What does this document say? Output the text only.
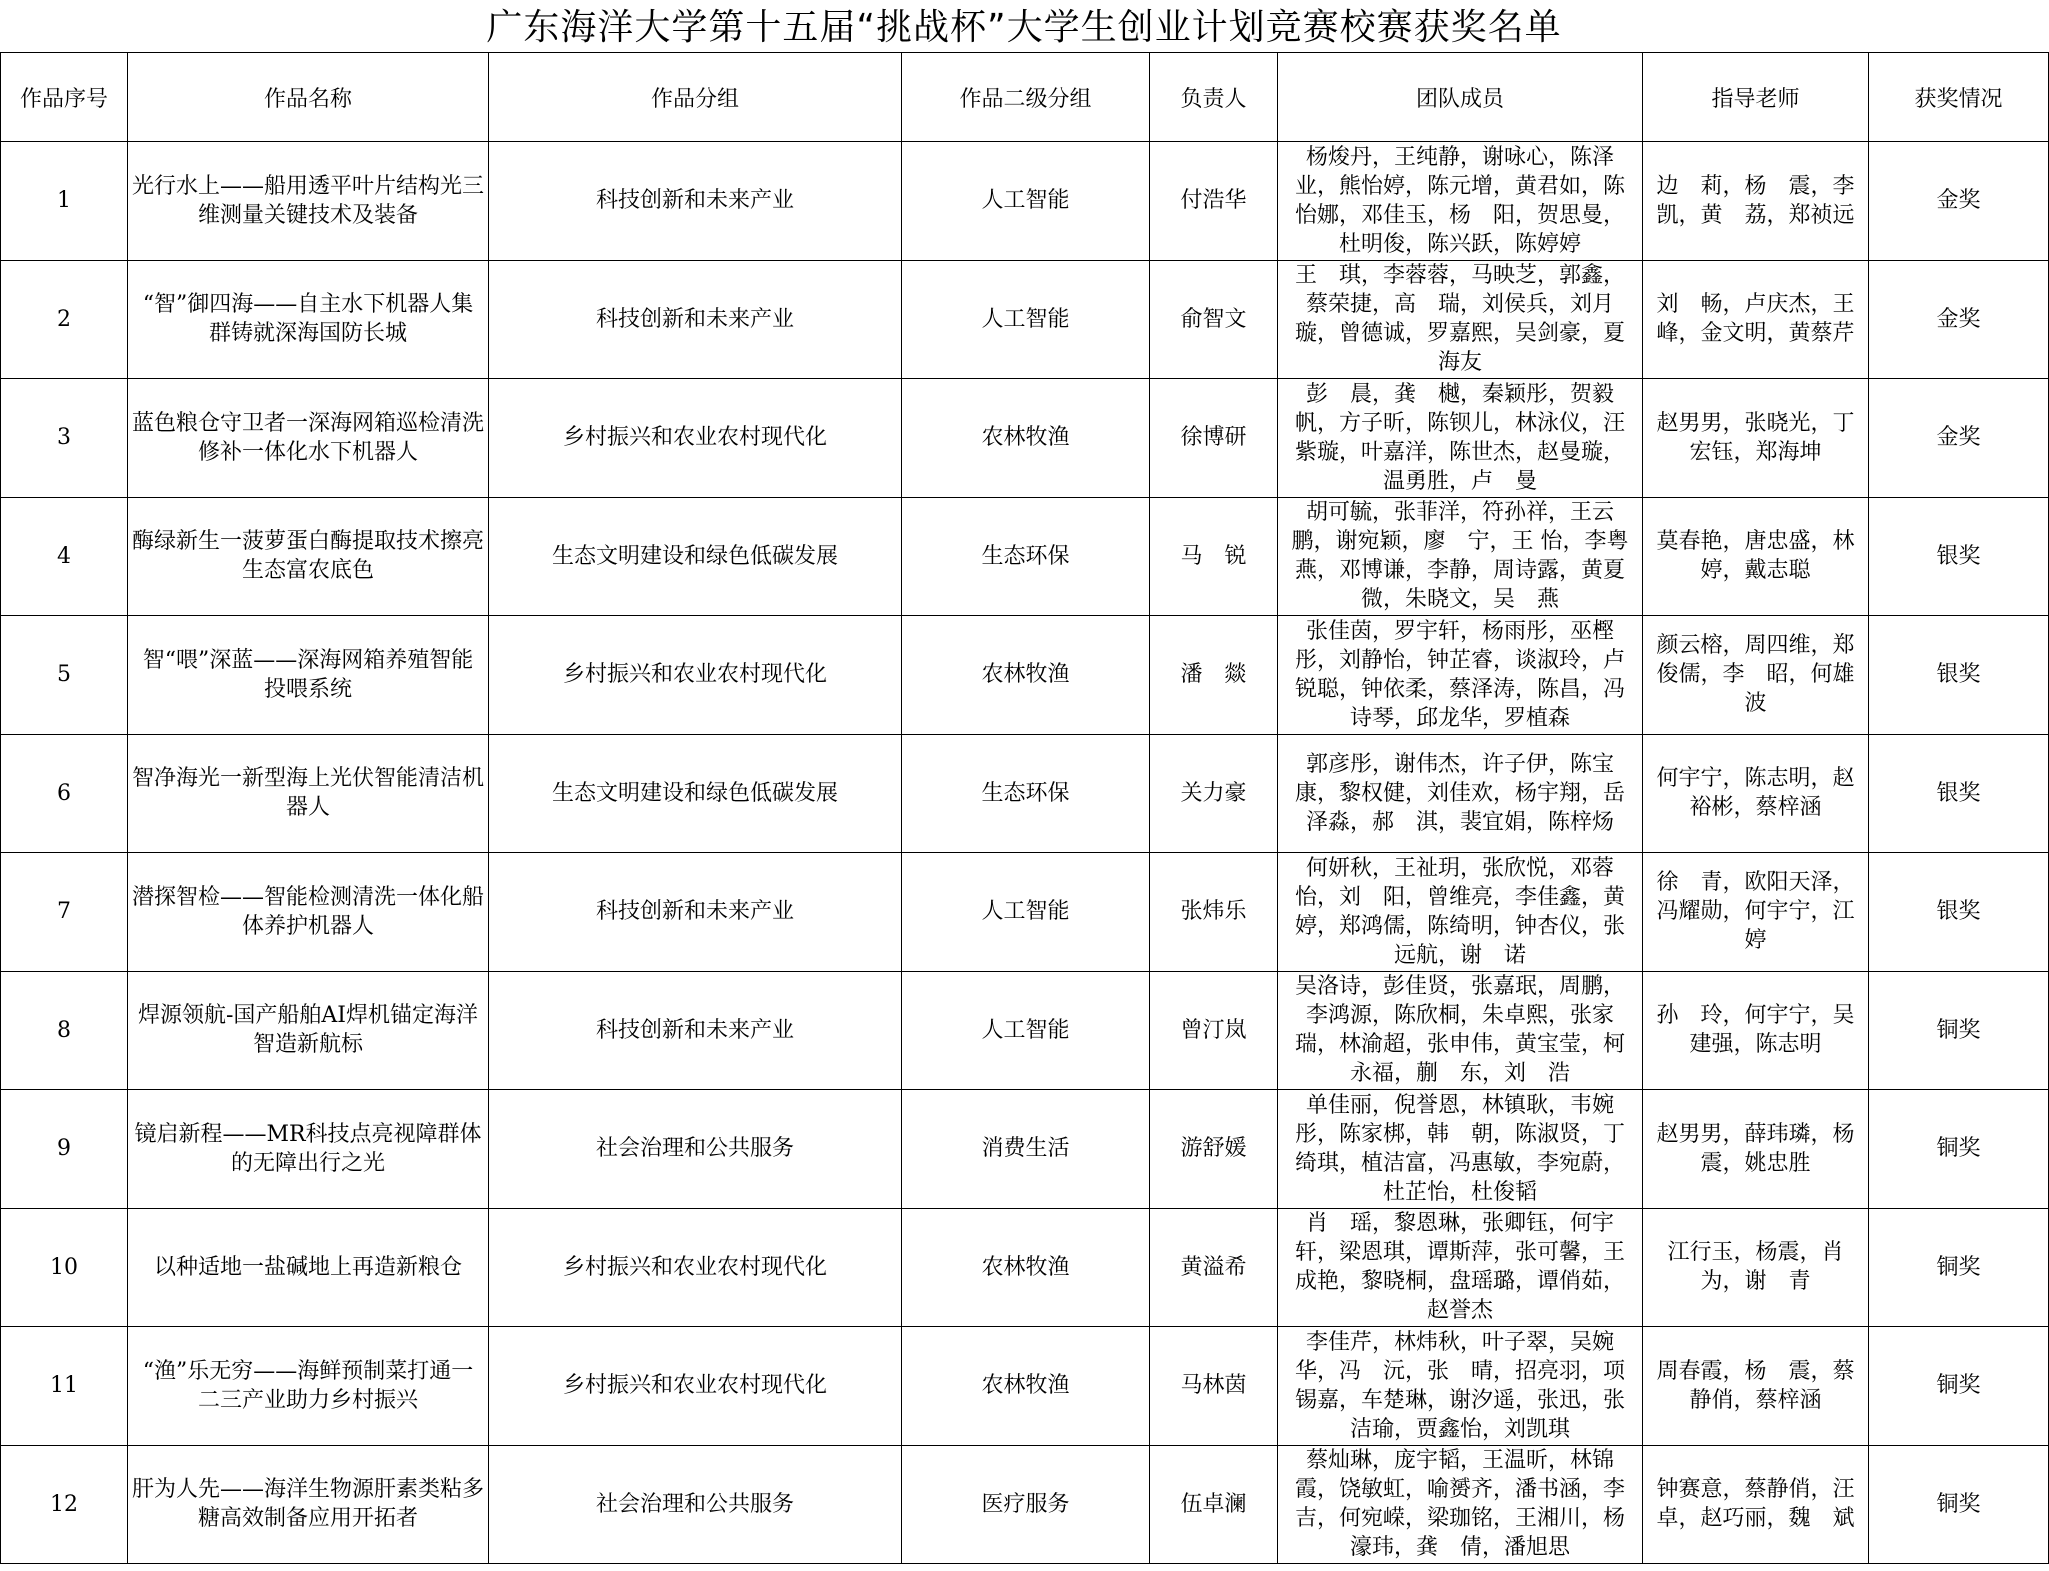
广东海洋大学第十五届“挑战杯”大学生创业计划竞赛校赛获奖名单
作品序号	作品名称	作品分组	作品二级分组	负责人	团队成员	指导老师	获奖情况

1	光行水上——船用透平叶片结构光三维测量关键技术及装备	科技创新和未来产业	人工智能	付浩华	杨焌丹，王纯静，谢咏心，陈泽业，熊怡婷，陈元增，黄君如，陈怡娜，邓佳玉，杨　阳，贺思曼，杜明俊，陈兴跃，陈婷婷	边　莉，杨　震，李　凯，黄　荔，郑祯远	金奖

2	“智”御四海——自主水下机器人集群铸就深海国防长城	科技创新和未来产业	人工智能	俞智文	王　琪，李蓉蓉，马映芝，郭鑫，蔡荣捷，高　瑞，刘侯兵，刘月璇，曾德诚，罗嘉熙，吴剑豪，夏海友	刘　畅，卢庆杰，王峰，金文明，黄蔡芹	金奖

3	蓝色粮仓守卫者一深海网箱巡检清洗修补一体化水下机器人	乡村振兴和农业农村现代化	农林牧渔	徐博研	彭　晨，龚　樾，秦颖彤，贺毅帆，方子昕，陈钡儿，林泳仪，汪紫璇，叶嘉洋，陈世杰，赵曼璇，温勇胜，卢　曼	赵男男，张晓光，丁宏钰，郑海坤	金奖

4	酶绿新生一菠萝蛋白酶提取技术擦亮生态富农底色	生态文明建设和绿色低碳发展	生态环保	马　锐	胡可毓，张菲洋，符孙祥，王云鹏，谢宛颖，廖　宁，王 怡，李粤燕，邓博谦，李静，周诗露，黄夏微，朱晓文，吴　燕	莫春艳，唐忠盛，林婷，戴志聪	银奖

5	智“喂”深蓝——深海网箱养殖智能投喂系统	乡村振兴和农业农村现代化	农林牧渔	潘　燚	张佳茵，罗宇轩，杨雨彤，巫樫彤，刘静怡，钟芷睿，谈淑玲，卢锐聪，钟依柔，蔡泽涛，陈昌，冯诗琴，邱龙华，罗植森	颜云榕，周四维，郑俊儒，李　昭，何雄波	银奖

6	智净海光一新型海上光伏智能清洁机器人	生态文明建设和绿色低碳发展	生态环保	关力豪	郭彦彤，谢伟杰，许子伊，陈宝康，黎权健，刘佳欢，杨宇翔，岳泽淼，郝　淇，裴宜娟，陈梓炀	何宇宁，陈志明，赵裕彬，蔡梓涵	银奖

7	潜探智检——智能检测清洗一体化船体养护机器人	科技创新和未来产业	人工智能	张炜乐	何妍秋，王祉玥，张欣悦，邓蓉怡，刘　阳，曾维亮，李佳鑫，黄　婷，郑鸿儒，陈绮明，钟杏仪，张远航，谢　诺	徐　青，欧阳天泽，冯耀勋，何宇宁，江婷	银奖

8	焊源领航-国产船舶AI焊机锚定海洋智造新航标	科技创新和未来产业	人工智能	曾汀岚	吴洛诗，彭佳贤，张嘉珉，周鹏，李鸿源，陈欣桐，朱卓熙，张家瑞，林渝超，张申伟，黄宝莹，柯永福，蒯　东，刘　浩	孙　玲，何宇宁，吴建强，陈志明	铜奖

9	镜启新程——MR科技点亮视障群体的无障出行之光	社会治理和公共服务	消费生活	游舒媛	单佳丽，倪誉恩，林镇耿，韦婉彤，陈家梆，韩　朝，陈淑贤，丁绮琪，植洁富，冯惠敏，李宛蔚，杜芷怡，杜俊韬	赵男男，薛玮璘，杨震，姚忠胜	铜奖

10	以种适地一盐碱地上再造新粮仓	乡村振兴和农业农村现代化	农林牧渔	黄溢希	肖　瑶，黎恩琳，张卿钰，何宇轩，梁恩琪，谭斯萍，张可馨，王成艳，黎晓桐，盘瑶璐，谭俏茹，赵誉杰	江行玉，杨震，肖为，谢　青	铜奖

11	“渔”乐无穷——海鲜预制菜打通一二三产业助力乡村振兴	乡村振兴和农业农村现代化	农林牧渔	马林茵	李佳芹，林炜秋，叶子翠，吴婉华，冯　沅，张　晴，招亮羽，项锡嘉，车楚琳，谢汐遥，张迅，张洁瑜，贾鑫怡，刘凯琪	周春霞，杨　震，蔡静俏，蔡梓涵	铜奖

12	肝为人先——海洋生物源肝素类粘多糖高效制备应用开拓者	社会治理和公共服务	医疗服务	伍卓澜	蔡灿琳，庞宇韬，王温昕，林锦霞，饶敏虹，喻赟齐，潘书涵，李　吉，何宛嵘，梁珈铭，王湘川，杨濠玮，龚　倩，潘旭思	钟赛意，蔡静俏，汪卓，赵巧丽，魏　斌	铜奖
